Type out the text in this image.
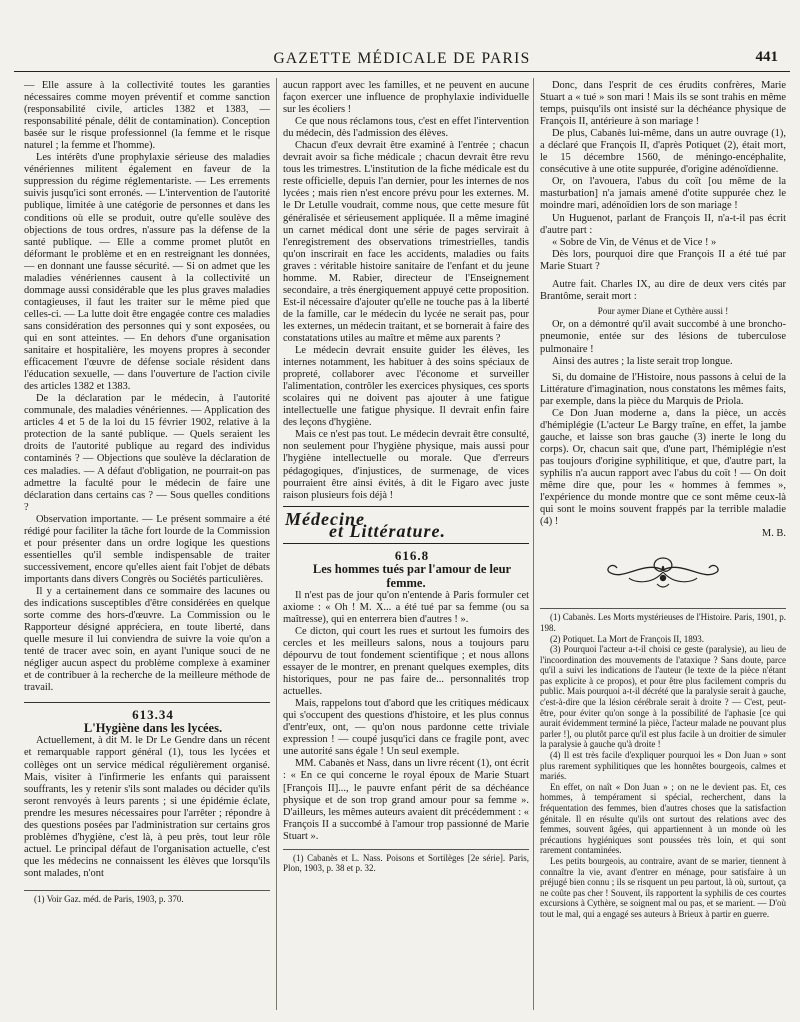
GAZETTE MÉDICALE DE PARIS	441

— Elle assure à la collectivité toutes les garanties nécessaires comme moyen préventif et comme sanction (responsabilité civile, articles 1382 et 1383, — responsabilité pénale, délit de contamination). Conception basée sur le risque professionnel (la femme et le risque naturel ; la femme et l'homme).

Les intérêts d'une prophylaxie sérieuse des maladies vénériennes militent également en faveur de la suppression du régime réglementariste. — Les errements suivis jusqu'ici sont erronés. — L'intervention de l'autorité publique, limitée à une catégorie de personnes et dans les conditions où elle se produit, outre qu'elle soulève des objections de tous ordres, n'assure pas la défense de la santé publique. — Elle a comme promet plutôt en déformant le problème et en en restreignant les données, — en donnant une fausse sécurité. — Si on admet que les maladies vénériennes causent à la collectivité un dommage aussi considérable que les plus graves maladies contagieuses, il faut les traiter sur le même pied que celles-ci. — La lutte doit être engagée contre ces maladies sans considération des personnes qui y sont exposées, ou qui en sont atteintes. — En dehors d'une organisation sanitaire et hospitalière, les moyens propres à seconder efficacement l'œuvre de défense sociale résident dans l'éducation sexuelle, — dans l'ouverture de l'action civile des articles 1382 et 1383.

De la déclaration par le médecin, à l'autorité communale, des maladies vénériennes. — Application des articles 4 et 5 de la loi du 15 février 1902, relative à la protection de la santé publique. — Quels seraient les droits de l'autorité publique au regard des individus contaminés ? — Objections que soulève la déclaration de ces maladies. — A défaut d'obligation, ne pourrait-on pas admettre la faculté pour le médecin de faire une déclaration dans certains cas ? — Sous quelles conditions ?

Observation importante. — Le présent sommaire a été rédigé pour faciliter la tâche fort lourde de la Commission et pour présenter dans un ordre logique les questions essentielles qu'il semble indispensable de traiter successivement, encore qu'elles aient fait l'objet de débats importants dans divers Congrès ou Sociétés particulières.

Il y a certainement dans ce sommaire des lacunes ou des indications susceptibles d'être considérées en quelque sorte comme des hors-d'œuvre. La Commission ou le Rapporteur désigné appréciera, en toute liberté, dans quelle mesure il lui conviendra de suivre la voie qu'on a tenté de tracer avec soin, en ayant l'unique souci de ne négliger aucun aspect du problème complexe à examiner et de contribuer à la recherche de la meilleure méthode de travail.

613.34

L'Hygiène dans les lycées.

Actuellement, à dit M. le Dr Le Gendre dans un récent et remarquable rapport général (1), tous les lycées et collèges ont un service médical régulièrement organisé. Mais, visiter à l'infirmerie les enfants qui paraissent souffrants, les y retenir s'ils sont malades ou décider qu'ils seront renvoyés à leurs parents ; si une épidémie éclate, prendre les mesures nécessaires pour l'arrêter ; répondre à des questions posées par l'administration sur certains gros problèmes d'hygiène, c'est là, à peu près, tout leur rôle actuel. Le principal défaut de l'organisation actuelle, c'est que les médecins ne connaissent les élèves que lorsqu'ils sont malades, n'ont

(1) Voir Gaz. méd. de Paris, 1903, p. 370.

aucun rapport avec les familles, et ne peuvent en aucune façon exercer une influence de prophylaxie individuelle sur les écoliers !

Ce que nous réclamons tous, c'est en effet l'intervention du médecin, dès l'admission des élèves.

Chacun d'eux devrait être examiné à l'entrée ; chacun devrait avoir sa fiche médicale ; chacun devrait être revu tous les trimestres. L'institution de la fiche médicale est du reste officielle, depuis l'an dernier, pour les internes de nos lycées ; mais rien n'est encore prévu pour les externes. M. le Dr Letulle voudrait, comme nous, que cette mesure fût généralisée et sérieusement appliquée. Il a même imaginé un carnet médical dont une série de pages servirait à l'enregistrement des observations trimestrielles, tandis qu'on inscrirait en face les accidents, maladies ou faits graves : véritable histoire sanitaire de l'enfant et du jeune homme. M. Rabier, directeur de l'Enseignement secondaire, a très énergiquement appuyé cette proposition. Est-il nécessaire d'ajouter qu'elle ne touche pas à la liberté de la famille, car le médecin du lycée ne serait pas, pour les externes, un médecin traitant, et se bornerait à faire des constatations utiles au maître et même aux parents ?

Le médecin devrait ensuite guider les élèves, les internes notamment, les habituer à des soins spéciaux de propreté, collaborer avec l'économe et surveiller l'alimentation, contrôler les exercices physiques, ces sports scolaires qui ne doivent pas ajouter à une fatigue intellectuelle une fatigue physique. Il devrait enfin faire des leçons d'hygiène.

Mais ce n'est pas tout. Le médecin devrait être consulté, non seulement pour l'hygiène physique, mais aussi pour l'hygiène intellectuelle ou morale. Que d'erreurs pédagogiques, d'injustices, de surmenage, de vices pourraient être ainsi évités, à dit le Figaro avec juste raison plusieurs fois déjà !

Médecine
et Littérature.

616.8

Les hommes tués par l'amour de leur femme.

Il n'est pas de jour qu'on n'entende à Paris formuler cet axiome : « Oh ! M. X... a été tué par sa femme (ou sa maîtresse), qui en enterrera bien d'autres ! ».

Ce dicton, qui court les rues et surtout les fumoirs des cercles et les meilleurs salons, nous a toujours paru dépourvu de tout fondement scientifique ; et nous allons essayer de le montrer, en prenant quelques exemples, dits historiques, pour ne pas faire de... personnalités trop actuelles.

Mais, rappelons tout d'abord que les critiques médicaux qui s'occupent des questions d'histoire, et les plus connus d'entr'eux, ont, — qu'on nous pardonne cette triviale expression ! — coupé jusqu'ici dans ce fragile pont, avec une autorité sans égale ! Un seul exemple.

MM. Cabanès et Nass, dans un livre récent (1), ont écrit : « En ce qui concerne le royal époux de Marie Stuart [François II]..., le pauvre enfant périt de sa déchéance physique et de son trop grand amour pour sa femme ». D'ailleurs, les mêmes auteurs avaient dit précédemment : « François II a succombé à l'amour trop passionné de Marie Stuart ».

(1) Cabanès et L. Nass. Poisons et Sortilèges [2e série]. Paris, Plon, 1903, p. 38 et p. 32.

Donc, dans l'esprit de ces érudits confrères, Marie Stuart a « tué » son mari ! Mais ils se sont trahis en même temps, puisqu'ils ont insisté sur la déchéance physique de François II, antérieure à son mariage !

De plus, Cabanès lui-même, dans un autre ouvrage (1), a déclaré que François II, d'après Potiquet (2), était mort, le 15 décembre 1560, de méningo-encéphalite, consécutive à une otite suppurée, d'origine adénoïdienne.

Or, on l'avouera, l'abus du coït [ou même de la masturbation] n'a jamais amené d'otite suppurée chez le moindre mari, adénoïdien lors de son mariage !

Un Huguenot, parlant de François II, n'a-t-il pas écrit d'autre part :

« Sobre de Vin, de Vénus et de Vice ! »

Dès lors, pourquoi dire que François II a été tué par Marie Stuart ?

Autre fait. Charles IX, au dire de deux vers cités par Brantôme, serait mort :

Pour aymer Diane et Cythère aussi !

Or, on a démontré qu'il avait succombé à une broncho-pneumonie, entée sur des lésions de tuberculose pulmonaire !

Ainsi des autres ; la liste serait trop longue.

Si, du domaine de l'Histoire, nous passons à celui de la Littérature d'imagination, nous constatons les mêmes faits, par exemple, dans la pièce du Marquis de Priola.

Ce Don Juan moderne a, dans la pièce, un accès d'hémiplégie (L'acteur Le Bargy traîne, en effet, la jambe gauche, et laisse son bras gauche (3) inerte le long du corps). Or, chacun sait que, d'une part, l'hémiplégie n'est pas toujours d'origine syphilitique, et que, d'autre part, la syphilis n'a aucun rapport avec l'abus du coït ! — On doit même dire que, pour les « hommes à femmes », l'expérience du monde montre que ce sont même ceux-là qui sont le moins souvent frappés par la terrible maladie (4) !

M. B.

(1) Cabanès. Les Morts mystérieuses de l'Histoire. Paris, 1901, p. 198.

(2) Potiquet. La Mort de François II, 1893.

(3) Pourquoi l'acteur a-t-il choisi ce geste (paralysie), au lieu de l'incoordination des mouvements de l'ataxique ? Sans doute, parce qu'il a suivi les indications de l'auteur (le texte de la pièce n'étant pas explicite à ce propos), et pour être plus facilement compris du public. Mais pourquoi a-t-il décrété que la paralysie serait à gauche, c'est-à-dire que la lésion cérébrale serait à droite ? — C'est, peut-être, pour éviter qu'on songe à la possibilité de l'aphasie [ce qui aurait évidemment terminé la pièce, l'acteur malade ne pouvant plus parler !], ou plutôt parce qu'il est plus facile à un droitier de simuler la paralysie à gauche qu'à droite !

(4) Il est très facile d'expliquer pourquoi les « Don Juan » sont plus rarement syphilitiques que les honnêtes bourgeois, calmes et mariés.

En effet, on naît « Don Juan » ; on ne le devient pas. Et, ces hommes, à tempérament si spécial, recherchent, dans la fréquentation des femmes, bien d'autres choses que la satisfaction génitale. Il en résulte qu'ils ont surtout des relations avec des femmes, souvent âgées, qui appartiennent à un monde où les précautions hygiéniques sont poussées très loin, et qui sont rarement contaminées.

Les petits bourgeois, au contraire, avant de se marier, tiennent à connaître la vie, avant d'entrer en ménage, pour satisfaire à un préjugé bien connu ; ils se risquent un peu partout, là où, surtout, ça ne coûte pas cher ! Souvent, ils rapportent la syphilis de ces courtes excursions à Cythère, se soignent mal ou pas, et se marient. — D'où tout le mal, qui a engagé ses auteurs à Brieux à partir en guerre.
